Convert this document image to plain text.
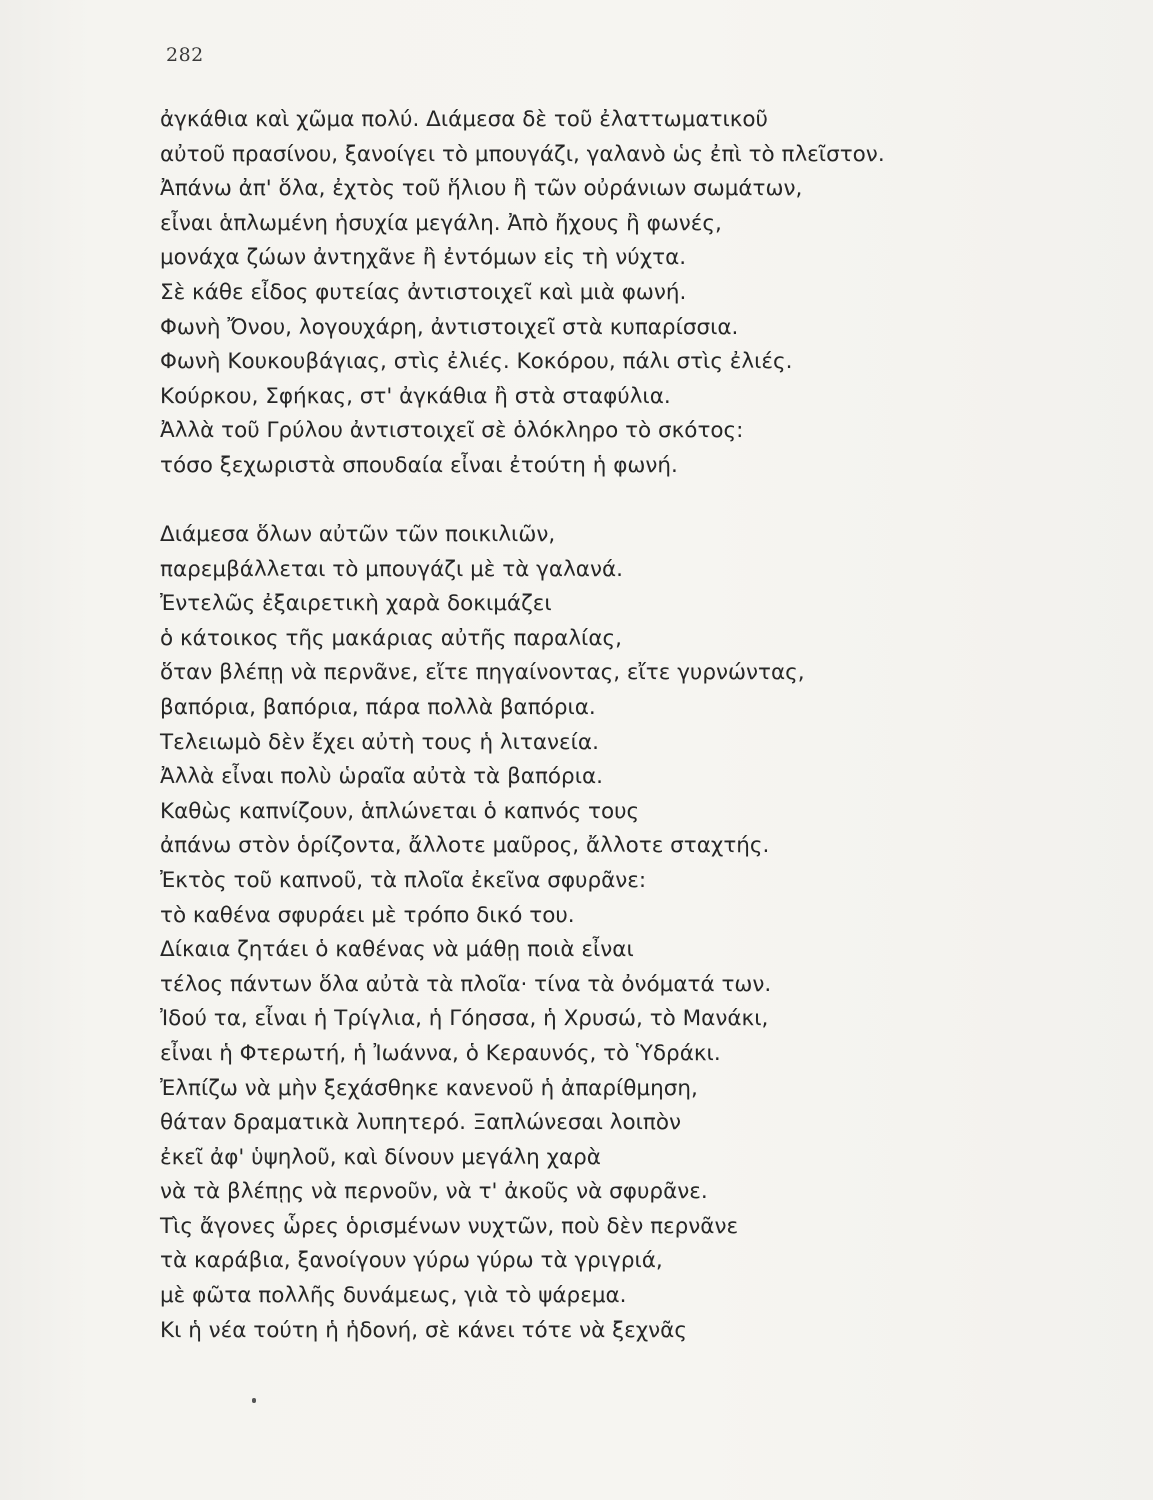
282
ἀγκάθια καὶ χῶμα πολύ. Διάμεσα δὲ τοῦ ἐλαττωματικοῦ
αὐτοῦ πρασίνου, ξανοίγει τὸ μπουγάζι, γαλανὸ ὡς ἐπὶ τὸ πλεῖστον.
Ἀπάνω ἀπ' ὅλα, ἐχτὸς τοῦ ἥλιου ἢ τῶν οὐράνιων σωμάτων,
εἶναι ἁπλωμένη ἡσυχία μεγάλη. Ἀπὸ ἤχους ἢ φωνές,
μονάχα ζώων ἀντηχᾶνε ἢ ἐντόμων εἰς τὴ νύχτα.
Σὲ κάθε εἶδος φυτείας ἀντιστοιχεῖ καὶ μιὰ φωνή.
Φωνὴ Ὄνου, λογουχάρη, ἀντιστοιχεῖ στὰ κυπαρίσσια.
Φωνὴ Κουκουβάγιας, στὶς ἐλιές. Κοκόρου, πάλι στὶς ἐλιές.
Κούρκου, Σφήκας, στ' ἀγκάθια ἢ στὰ σταφύλια.
Ἀλλὰ τοῦ Γρύλου ἀντιστοιχεῖ σὲ ὁλόκληρο τὸ σκότος:
τόσο ξεχωριστὰ σπουδαία εἶναι ἐτούτη ἡ φωνή.
Διάμεσα ὅλων αὐτῶν τῶν ποικιλιῶν,
παρεμβάλλεται τὸ μπουγάζι μὲ τὰ γαλανά.
Ἐντελῶς ἐξαιρετικὴ χαρὰ δοκιμάζει
ὁ κάτοικος τῆς μακάριας αὐτῆς παραλίας,
ὅταν βλέπῃ νὰ περνᾶνε, εἴτε πηγαίνοντας, εἴτε γυρνώντας,
βαπόρια, βαπόρια, πάρα πολλὰ βαπόρια.
Τελειωμὸ δὲν ἔχει αὐτὴ τους ἡ λιτανεία.
Ἀλλὰ εἶναι πολὺ ὡραῖα αὐτὰ τὰ βαπόρια.
Καθὼς καπνίζουν, ἁπλώνεται ὁ καπνός τους
ἀπάνω στὸν ὁρίζοντα, ἄλλοτε μαῦρος, ἄλλοτε σταχτής.
Ἐκτὸς τοῦ καπνοῦ, τὰ πλοῖα ἐκεῖνα σφυρᾶνε:
τὸ καθένα σφυράει μὲ τρόπο δικό του.
Δίκαια ζητάει ὁ καθένας νὰ μάθῃ ποιὰ εἶναι
τέλος πάντων ὅλα αὐτὰ τὰ πλοῖα· τίνα τὰ ὀνόματά των.
Ἰδού τα, εἶναι ἡ Τρίγλια, ἡ Γόησσα, ἡ Χρυσώ, τὸ Μανάκι,
εἶναι ἡ Φτερωτή, ἡ Ἰωάννα, ὁ Κεραυνός, τὸ Ὑδράκι.
Ἐλπίζω νὰ μὴν ξεχάσθηκε κανενοῦ ἡ ἀπαρίθμηση,
θάταν δραματικὰ λυπητερό. Ξαπλώνεσαι λοιπὸν
ἐκεῖ ἀφ' ὑψηλοῦ, καὶ δίνουν μεγάλη χαρὰ
νὰ τὰ βλέπῃς νὰ περνοῦν, νὰ τ' ἀκοῦς νὰ σφυρᾶνε.
Τὶς ἄγονες ὧρες ὁρισμένων νυχτῶν, ποὺ δὲν περνᾶνε
τὰ καράβια, ξανοίγουν γύρω γύρω τὰ γριγριά,
μὲ φῶτα πολλῆς δυνάμεως, γιὰ τὸ ψάρεμα.
Κι ἡ νέα τούτη ἡ ἡδονή, σὲ κάνει τότε νὰ ξεχνᾶς
